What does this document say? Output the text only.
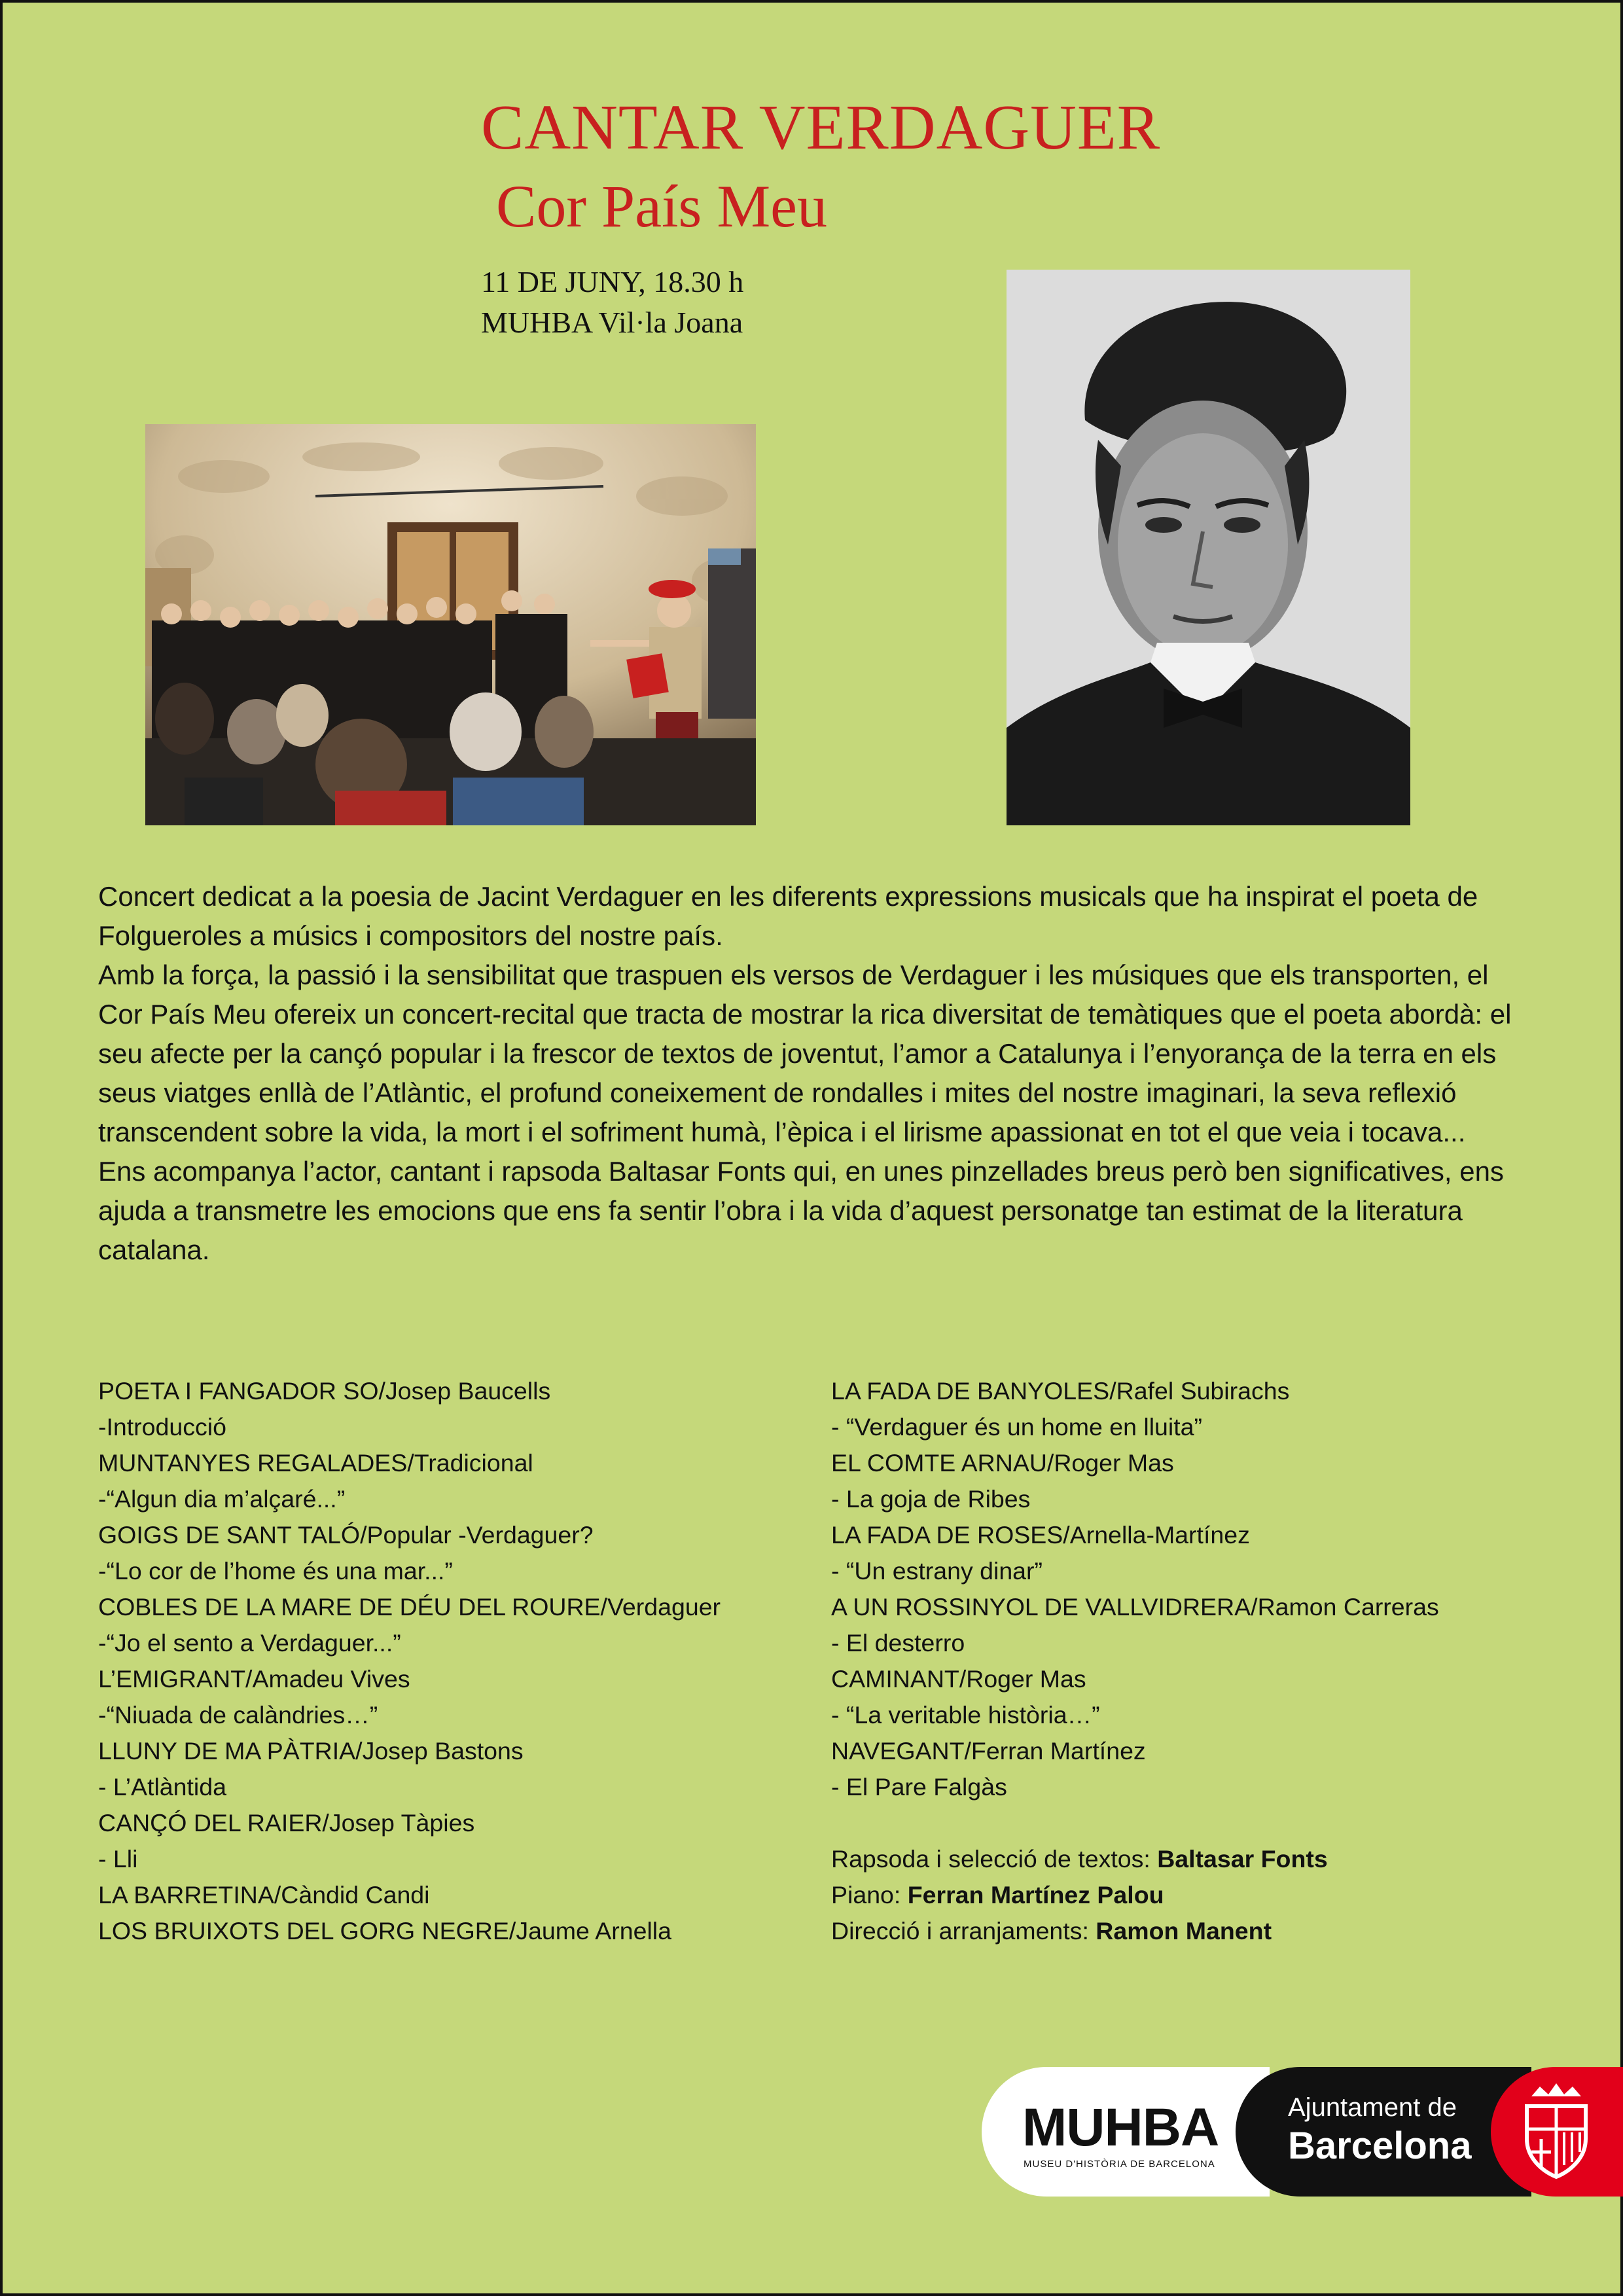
CANTAR VERDAGUER
Cor País Meu
11 DE JUNY, 18.30 h
MUHBA Vil·la Joana

Concert dedicat a la poesia de Jacint Verdaguer en les diferents expressions musicals que ha inspirat el poeta de Folgueroles a músics i compositors del nostre país.

Amb la força, la passió i la sensibilitat que traspuen els versos de Verdaguer i les músiques que els transporten, el Cor País Meu ofereix un concert-recital que tracta de mostrar la rica diversitat de temàtiques que el poeta abordà: el seu afecte per la cançó popular i la frescor de textos de joventut, l’amor a Catalunya i l’enyorança de la terra en els seus viatges enllà de l’Atlàntic, el profund coneixement de rondalles i mites del nostre imaginari, la seva reflexió transcendent sobre la vida, la mort i el sofriment humà, l’èpica i el lirisme apassionat en tot el que veia i tocava...

Ens acompanya l’actor, cantant i rapsoda Baltasar Fonts qui, en unes pinzellades breus però ben significatives, ens ajuda a transmetre les emocions que ens fa sentir l’obra i la vida d’aquest personatge tan estimat de la literatura catalana.

POETA I FANGADOR SO/Josep Baucells
-Introducció
MUNTANYES REGALADES/Tradicional
-“Algun dia m’alçaré...”
GOIGS DE SANT TALÓ/Popular -Verdaguer?
-“Lo cor de l’home és una mar...”
COBLES DE LA MARE DE DÉU DEL ROURE/Verdaguer
-“Jo el sento a Verdaguer...”
L’EMIGRANT/Amadeu Vives
-“Niuada de calàndries…”
LLUNY DE MA PÀTRIA/Josep Bastons
- L’Atlàntida
CANÇÓ DEL RAIER/Josep Tàpies
- Lli
LA BARRETINA/Càndid Candi
LOS BRUIXOTS DEL GORG NEGRE/Jaume Arnella
LA FADA DE BANYOLES/Rafel Subirachs
- “Verdaguer és un home en lluita”
EL COMTE ARNAU/Roger Mas
- La goja de Ribes
LA FADA DE ROSES/Arnella-Martínez
- “Un estrany dinar”
A UN ROSSINYOL DE VALLVIDRERA/Ramon Carreras
- El desterro
CAMINANT/Roger Mas
- “La veritable història…”
NAVEGANT/Ferran Martínez
- El Pare Falgàs
Rapsoda i selecció de textos: Baltasar Fonts
Piano: Ferran Martínez Palou
Direcció i arranjaments: Ramon Manent
MUHBA
MUSEU D'HISTÒRIA DE BARCELONA
Ajuntament de
Barcelona
